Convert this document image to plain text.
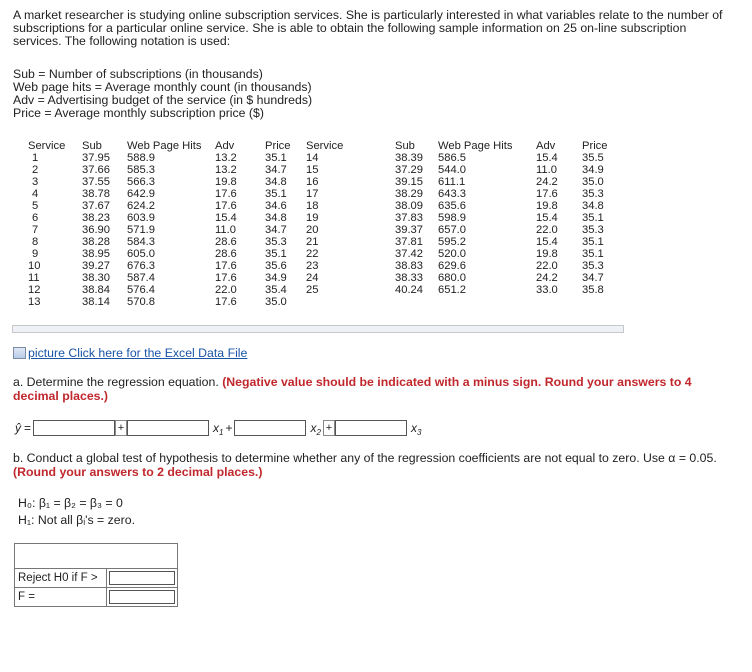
A market researcher is studying online subscription services. She is particularly interested in what variables relate to the number of subscriptions for a particular online service. She is able to obtain the following sample information on 25 on-line subscription services. The following notation is used:

Sub = Number of subscriptions (in thousands)

Web page hits = Average monthly count (in thousands)

Adv = Advertising budget of the service (in $ hundreds)

Price = Average monthly subscription price ($)

Service	Sub	Web Page Hits	Adv	Price
1	37.95	588.9	13.2	35.1
2	37.66	585.3	13.2	34.7
3	37.55	566.3	19.8	34.8
4	38.78	642.9	17.6	35.1
5	37.67	624.2	17.6	34.6
6	38.23	603.9	15.4	34.8
7	36.90	571.9	11.0	34.7
8	38.28	584.3	28.6	35.3
9	38.95	605.0	28.6	35.1
10	39.27	676.3	17.6	35.6
11	38.30	587.4	17.6	34.9
12	38.84	576.4	22.0	35.4
13	38.14	570.8	17.6	35.0
Service	Sub	Web Page Hits	Adv	Price
14	38.39	586.5	15.4	35.5
15	37.29	544.0	11.0	34.9
16	39.15	611.1	24.2	35.0
17	38.29	643.3	17.6	35.3
18	38.09	635.6	19.8	34.8
19	37.83	598.9	15.4	35.1
20	39.37	657.0	22.0	35.3
21	37.81	595.2	15.4	35.1
22	37.42	520.0	19.8	35.1
23	38.83	629.6	22.0	35.3
24	38.33	680.0	24.2	34.7
25	40.24	651.2	33.0	35.8
picture Click here for the Excel Data File
a. Determine the regression equation. (Negative value should be indicated with a minus sign. Round your answers to 4 decimal places.)
ŷ =	+	$x_1$ +	$x_2$ +	$x_3$
b. Conduct a global test of hypothesis to determine whether any of the regression coefficients are not equal to zero. Use α = 0.05. (Round your answers to 2 decimal places.)

H₀: β₁ = β₂ = β₃ = 0

H₁: Not all βᵢ's = zero.

Reject H0 if F >
F =
